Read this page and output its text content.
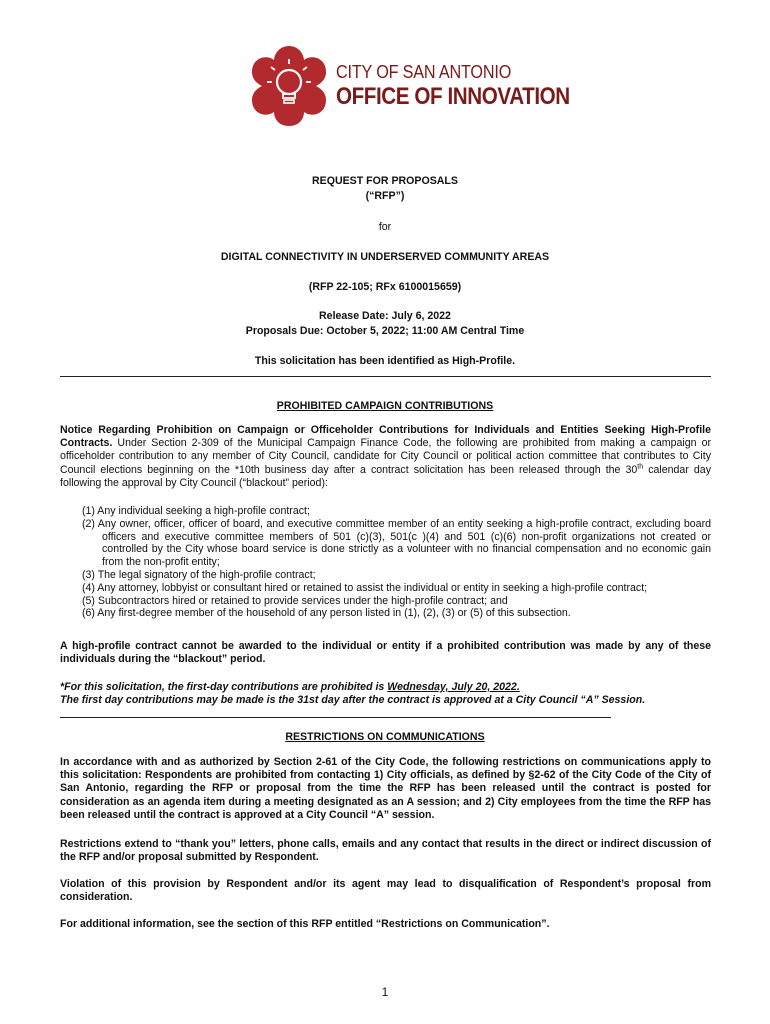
CITY OF SAN ANTONIO
OFFICE OF INNOVATION
REQUEST FOR PROPOSALS
(“RFP”)
for
DIGITAL CONNECTIVITY IN UNDERSERVED COMMUNITY AREAS
(RFP 22-105; RFx 6100015659)
Release Date: July 6, 2022
Proposals Due: October 5, 2022; 11:00 AM Central Time
This solicitation has been identified as High-Profile.
PROHIBITED CAMPAIGN CONTRIBUTIONS
Notice Regarding Prohibition on Campaign or Officeholder Contributions for Individuals and Entities Seeking High-Profile Contracts. Under Section 2-309 of the Municipal Campaign Finance Code, the following are prohibited from making a campaign or officeholder contribution to any member of City Council, candidate for City Council or political action committee that contributes to City Council elections beginning on the *10th business day after a contract solicitation has been released through the 30th calendar day following the approval by City Council (“blackout” period):
(1) Any individual seeking a high-profile contract;
(2) Any owner, officer, officer of board, and executive committee member of an entity seeking a high-profile contract, excluding board officers and executive committee members of 501 (c)(3), 501(c )(4) and 501 (c)(6) non-profit organizations not created or controlled by the City whose board service is done strictly as a volunteer with no financial compensation and no economic gain from the non-profit entity;
(3) The legal signatory of the high-profile contract;
(4) Any attorney, lobbyist or consultant hired or retained to assist the individual or entity in seeking a high-profile contract;
(5) Subcontractors hired or retained to provide services under the high-profile contract; and
(6) Any first-degree member of the household of any person listed in (1), (2), (3) or (5) of this subsection.
A high-profile contract cannot be awarded to the individual or entity if a prohibited contribution was made by any of these individuals during the “blackout” period.
*For this solicitation, the first-day contributions are prohibited is Wednesday, July 20, 2022.
The first day contributions may be made is the 31st day after the contract is approved at a City Council “A” Session.
RESTRICTIONS ON COMMUNICATIONS
In accordance with and as authorized by Section 2-61 of the City Code, the following restrictions on communications apply to this solicitation: Respondents are prohibited from contacting 1) City officials, as defined by §2-62 of the City Code of the City of San Antonio, regarding the RFP or proposal from the time the RFP has been released until the contract is posted for consideration as an agenda item during a meeting designated as an A session; and 2) City employees from the time the RFP has been released until the contract is approved at a City Council “A” session.
Restrictions extend to “thank you” letters, phone calls, emails and any contact that results in the direct or indirect discussion of the RFP and/or proposal submitted by Respondent.
Violation of this provision by Respondent and/or its agent may lead to disqualification of Respondent’s proposal from consideration.
For additional information, see the section of this RFP entitled “Restrictions on Communication”.
1
